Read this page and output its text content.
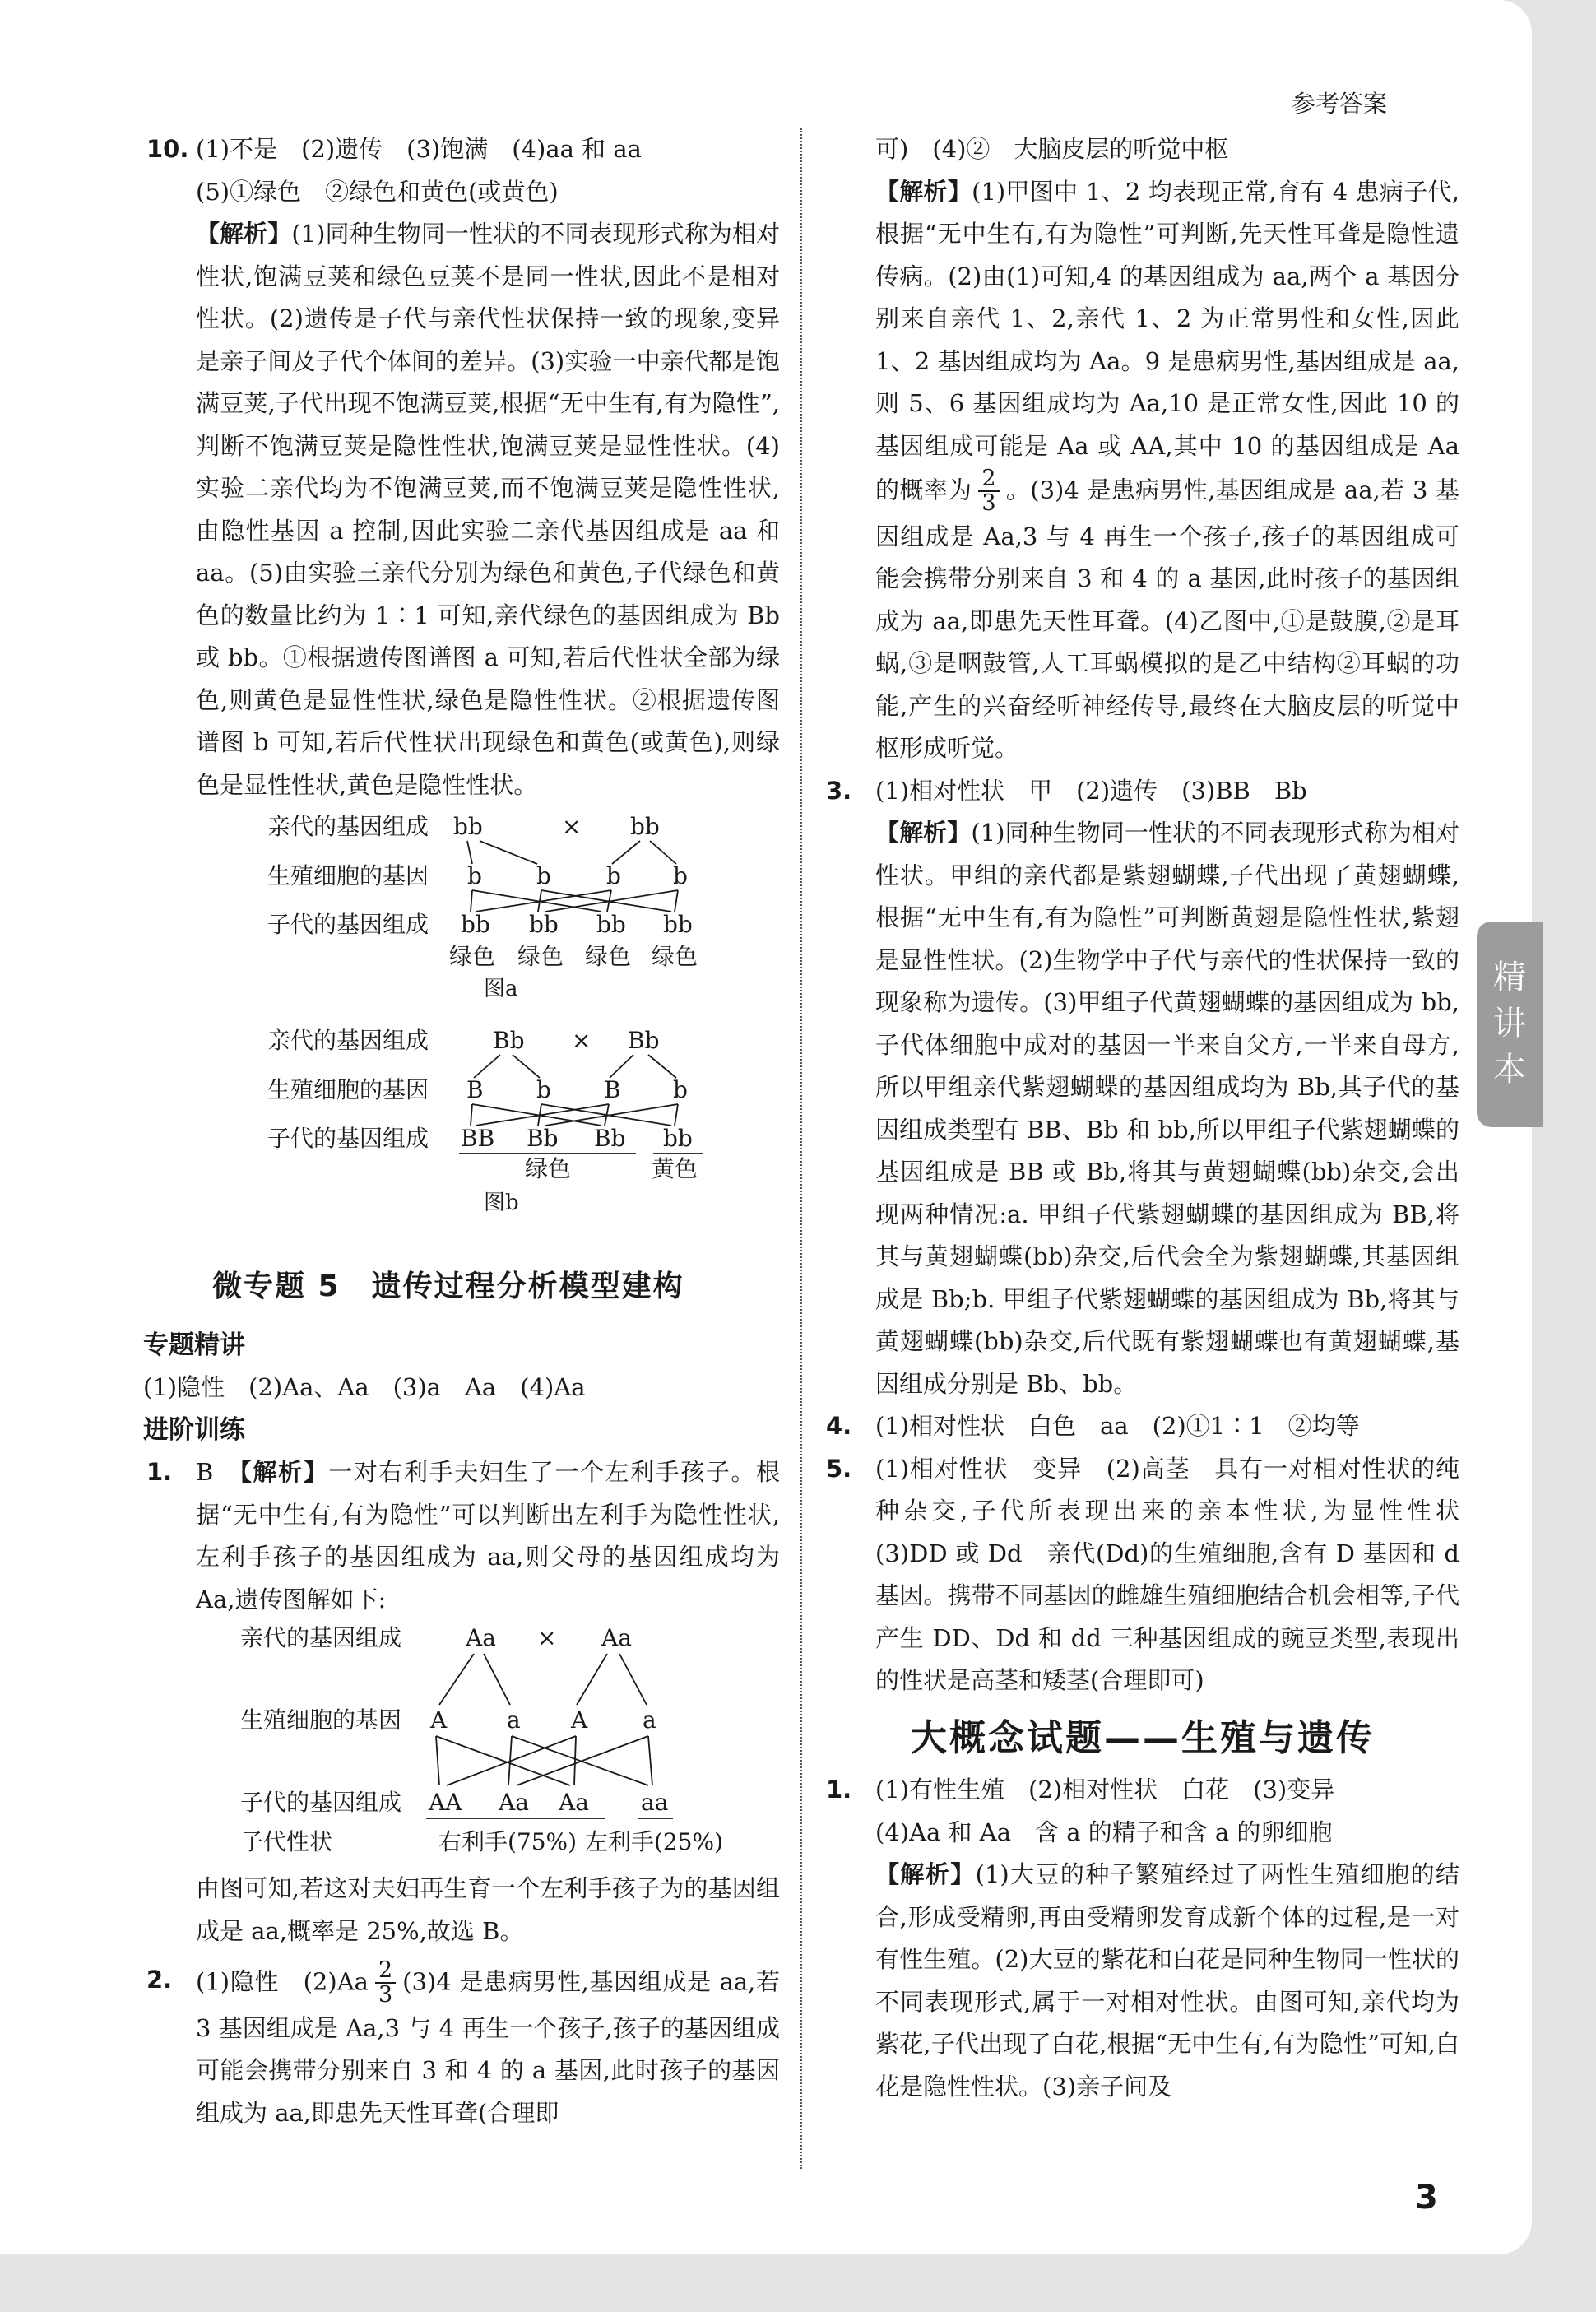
参考答案
10. (1)不是　(2)遗传　(3)饱满　(4)aa 和 aa

(5)①绿色　②绿色和黄色(或黄色)

【解析】(1)同种生物同一性状的不同表现形式称为相对性状,饱满豆荚和绿色豆荚不是同一性状,因此不是相对性状。(2)遗传是子代与亲代性状保持一致的现象,变异是亲子间及子代个体间的差异。(3)实验一中亲代都是饱满豆荚,子代出现不饱满豆荚,根据“无中生有,有为隐性”,判断不饱满豆荚是隐性性状,饱满豆荚是显性性状。(4)实验二亲代均为不饱满豆荚,而不饱满豆荚是隐性性状,由隐性基因 a 控制,因此实验二亲代基因组成是 aa 和 aa。(5)由实验三亲代分别为绿色和黄色,子代绿色和黄色的数量比约为 1∶1 可知,亲代绿色的基因组成为 Bb 或 bb。①根据遗传图谱图 a 可知,若后代性状全部为绿色,则黄色是显性性状,绿色是隐性性状。②根据遗传图谱图 b 可知,若后代性状出现绿色和黄色(或黄色),则绿色是显性性状,黄色是隐性性状。

亲代的基因组成 bb	× bb
生殖细胞的基因 b b b b
子代的基因组成 bb bb bb bb
绿色 绿色 绿色 绿色
图a
亲代的基因组成	Bb × Bb
生殖细胞的基因 B b B b
子代的基因组成 BB Bb Bb bb
绿色	黄色
图b
微专题 5　遗传过程分析模型建构

专题精讲

(1)隐性　(2)Aa、Aa　(3)a　Aa　(4)Aa

进阶训练

1. B　 【解析】一对右利手夫妇生了一个左利手孩子。根据“无中生有,有为隐性”可以判断出左利手为隐性性状,左利手孩子的基因组成为 aa,则父母的基因组成均为 Aa,遗传图解如下:

亲代的基因组成	Aa × Aa
生殖细胞的基因 A	a A a
子代的基因组成 AA Aa Aa aa
子代性状	右利手(75%) 左利手(25%)

由图可知,若这对夫妇再生育一个左利手孩子为的基因组成是 aa,概率是 25%,故选 B。

2. (1)隐性　$(2)Aa \frac{2}{3} (3)4$ 是患病男性,基因组成是 aa,若 3 基因组成是 Aa,3 与 4 再生一个孩子,孩子的基因组成可能会携带分别来自 3 和 4 的 a 基因,此时孩子的基因组成为 aa,即患先天性耳聋(合理即

可)　(4)②　大脑皮层的听觉中枢

【解析】(1)甲图中 1、2 均表现正常,育有 4 患病子代,根据“无中生有,有为隐性”可判断,先天性耳聋是隐性遗传病。(2)由(1)可知,4 的基因组成为 aa,两个 a 基因分别来自亲代 1、2,亲代 1、2 为正常男性和女性,因此 1、2 基因组成均为 Aa。9 是患病男性,基因组成是 aa,则 5、6 基因组成均为 Aa,10 是正常女性,因此 10 的基因组成可能是 Aa 或 AA,其中 10 的基因组成是 Aa 的概率为 $\frac{2}{3}$ 。(3)4 是患病男性,基因组成是 aa,若 3 基因组成是 Aa,3 与 4 再生一个孩子,孩子的基因组成可能会携带分别来自 3 和 4 的 a 基因,此时孩子的基因组成为 aa,即患先天性耳聋。(4)乙图中,①是鼓膜,②是耳蜗,③是咽鼓管,人工耳蜗模拟的是乙中结构②耳蜗的功能,产生的兴奋经听神经传导,最终在大脑皮层的听觉中枢形成听觉。

3. (1)相对性状　甲　(2)遗传　(3)BB　Bb

【解析】(1)同种生物同一性状的不同表现形式称为相对性状。甲组的亲代都是紫翅蝴蝶,子代出现了黄翅蝴蝶,根据“无中生有,有为隐性”可判断黄翅是隐性性状,紫翅是显性性状。(2)生物学中子代与亲代的性状保持一致的现象称为遗传。(3)甲组子代黄翅蝴蝶的基因组成为 bb,子代体细胞中成对的基因一半来自父方,一半来自母方,所以甲组亲代紫翅蝴蝶的基因组成均为 Bb,其子代的基因组成类型有 BB、Bb 和 bb,所以甲组子代紫翅蝴蝶的基因组成是 BB 或 Bb,将其与黄翅蝴蝶(bb)杂交,会出现两种情况:a. 甲组子代紫翅蝴蝶的基因组成为 BB,将其与黄翅蝴蝶(bb)杂交,后代会全为紫翅蝴蝶,其基因组成是 Bb;b. 甲组子代紫翅蝴蝶的基因组成为 Bb,将其与黄翅蝴蝶(bb)杂交,后代既有紫翅蝴蝶也有黄翅蝴蝶,基因组成分别是 Bb、bb。

4. (1)相对性状　白色　aa　(2)①1∶1　②均等

5. (1)相对性状　变异　(2)高茎　具有一对相对性状的纯种杂交,子代所表现出来的亲本性状,为显性性状　(3)DD 或 Dd　亲代(Dd)的生殖细胞,含有 D 基因和 d 基因。携带不同基因的雌雄生殖细胞结合机会相等,子代产生 DD、Dd 和 dd 三种基因组成的豌豆类型,表现出的性状是高茎和矮茎(合理即可)

大概念试题——生殖与遗传
1. (1)有性生殖　(2)相对性状　白花　(3)变异

(4)Aa 和 Aa　含 a 的精子和含 a 的卵细胞

【解析】(1)大豆的种子繁殖经过了两性生殖细胞的结合,形成受精卵,再由受精卵发育成新个体的过程,是一对有性生殖。(2)大豆的紫花和白花是同种生物同一性状的不同表现形式,属于一对相对性状。由图可知,亲代均为紫花,子代出现了白花,根据“无中生有,有为隐性”可知,白花是隐性性状。(3)亲子间及

3
精讲本
